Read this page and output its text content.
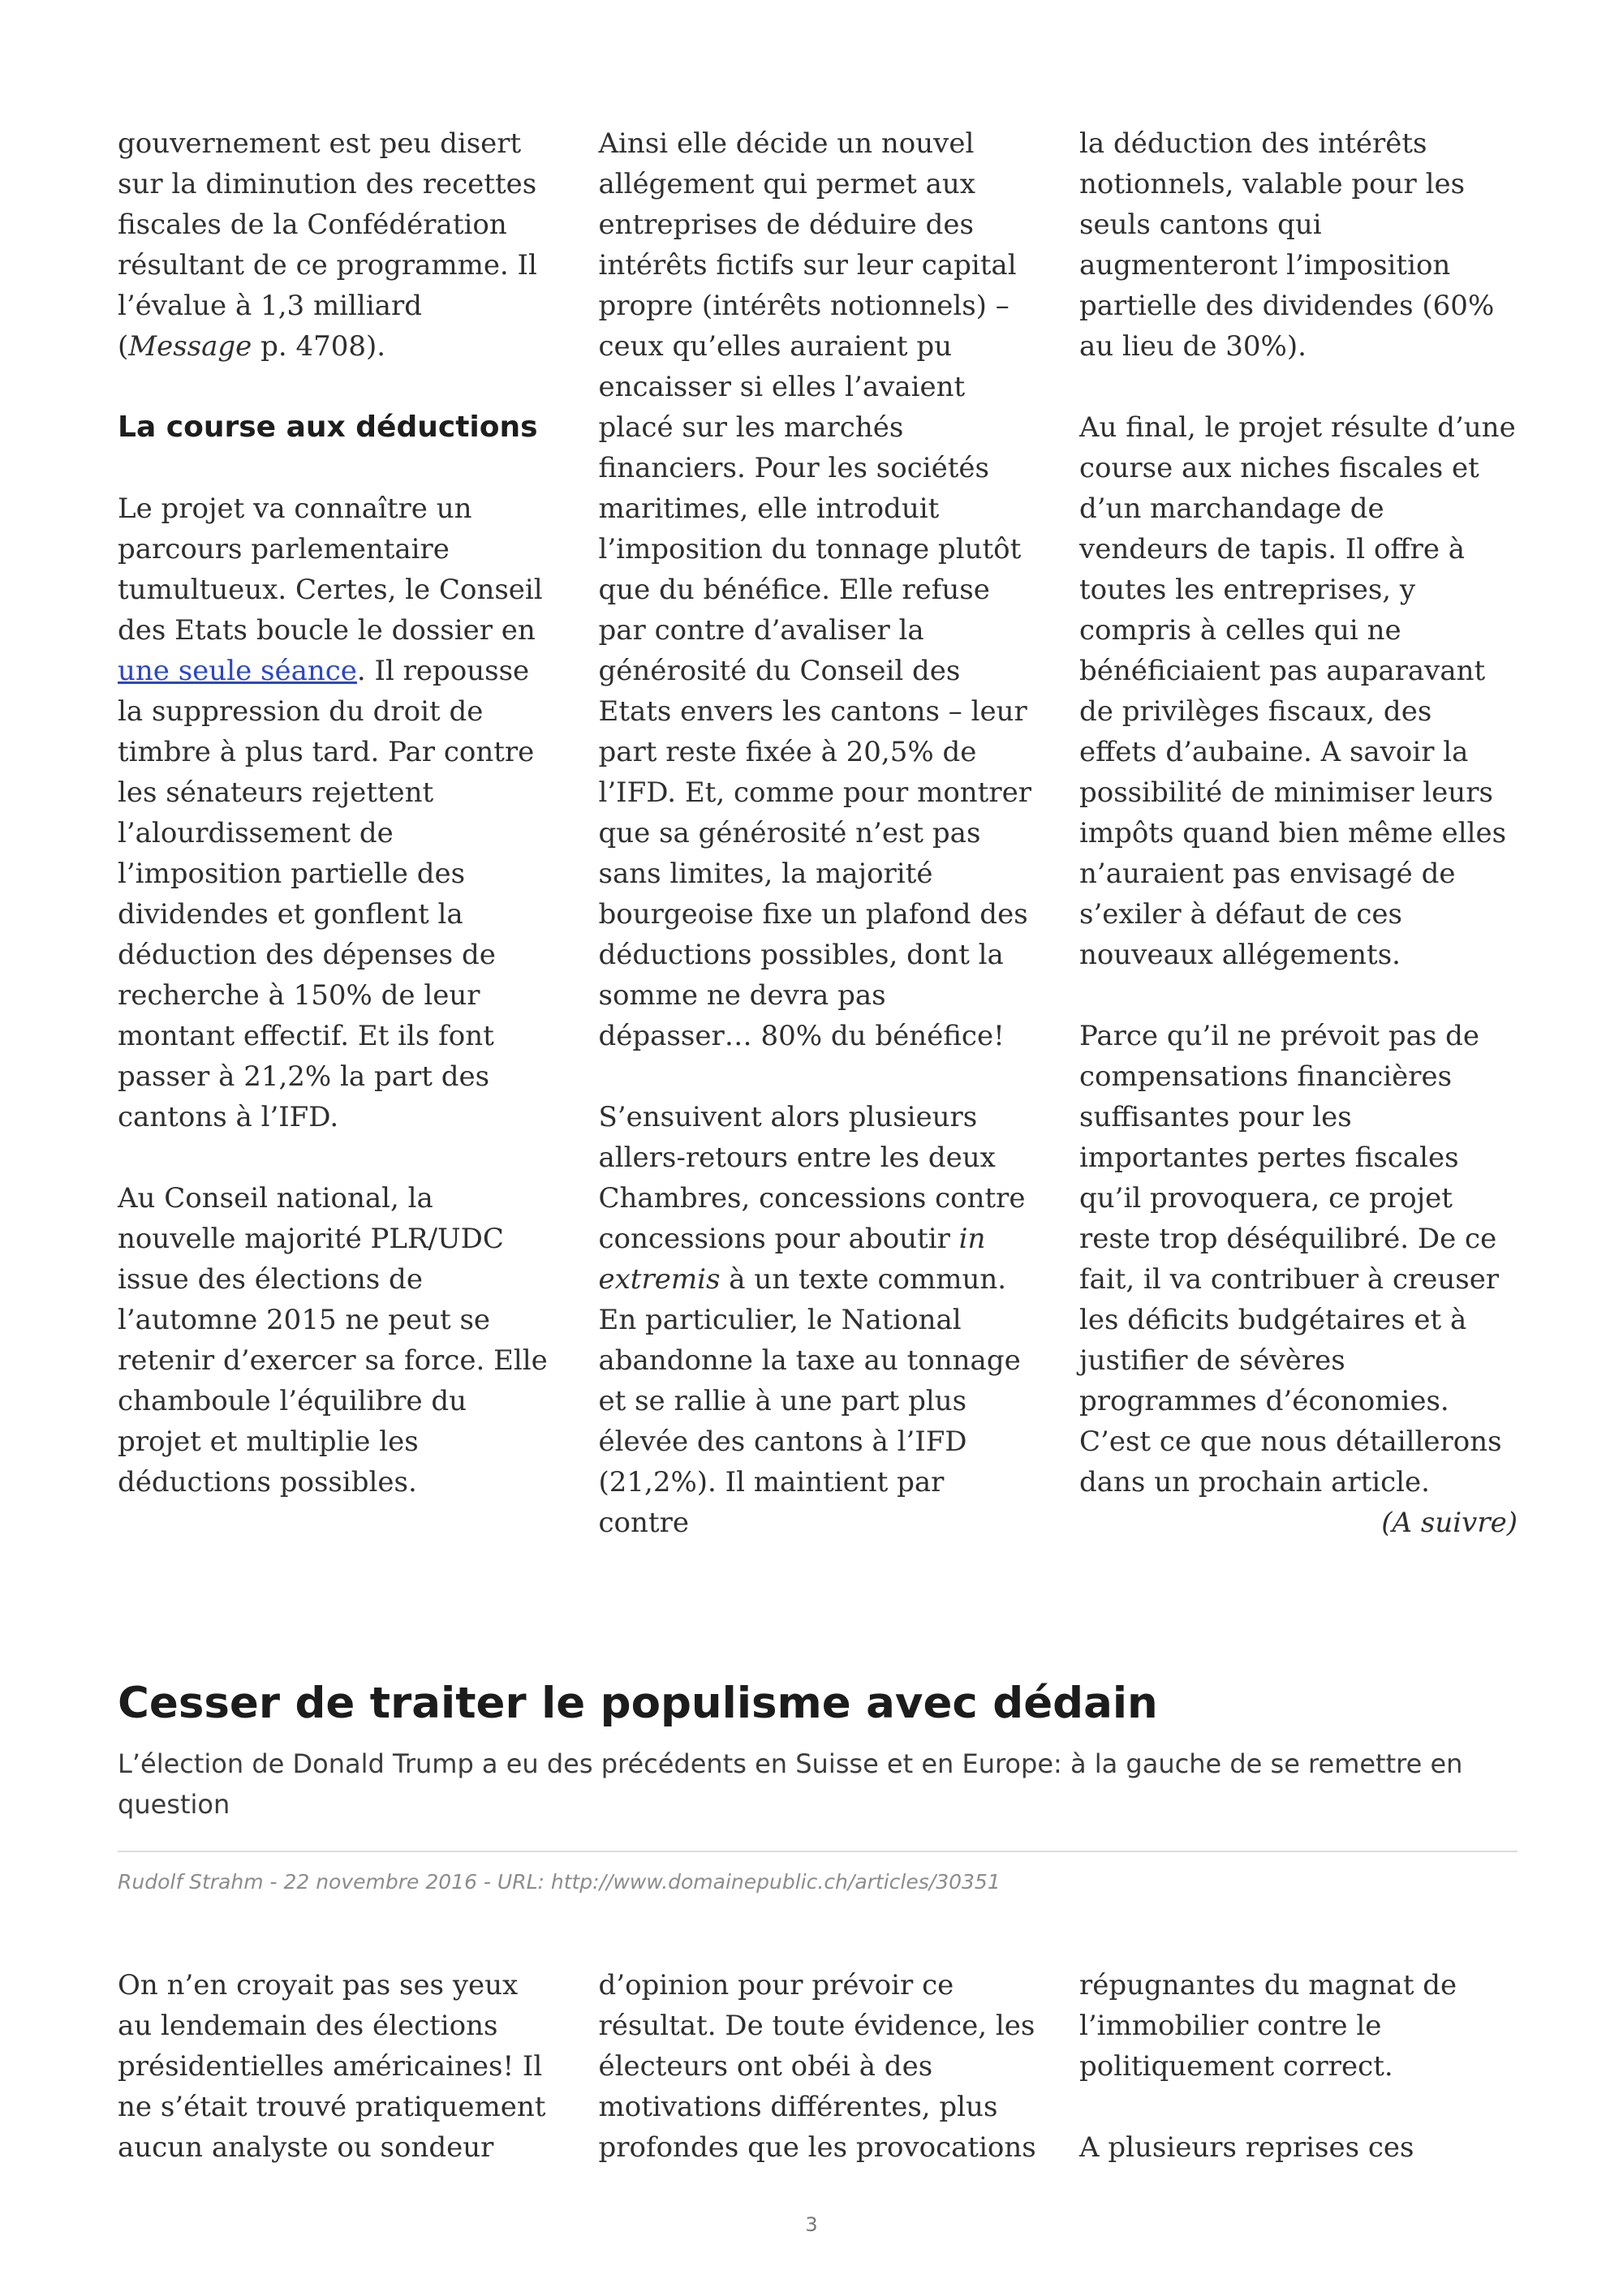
gouvernement est peu disert sur la diminution des recettes fiscales de la Confédération résultant de ce programme. Il l’évalue à 1,3 milliard (Message p. 4708).

La course aux déductions

Le projet va connaître un parcours parlementaire tumultueux. Certes, le Conseil des Etats boucle le dossier en une seule séance. Il repousse la suppression du droit de timbre à plus tard. Par contre les sénateurs rejettent l’alourdissement de l’imposition partielle des dividendes et gonflent la déduction des dépenses de recherche à 150% de leur montant effectif. Et ils font passer à 21,2% la part des cantons à l’IFD.

Au Conseil national, la nouvelle majorité PLR/UDC issue des élections de l’automne 2015 ne peut se retenir d’exercer sa force. Elle chamboule l’équilibre du projet et multiplie les déductions possibles.

Ainsi elle décide un nouvel allégement qui permet aux entreprises de déduire des intérêts fictifs sur leur capital propre (intérêts notionnels) – ceux qu’elles auraient pu encaisser si elles l’avaient placé sur les marchés financiers. Pour les sociétés maritimes, elle introduit l’imposition du tonnage plutôt que du bénéfice. Elle refuse par contre d’avaliser la générosité du Conseil des Etats envers les cantons – leur part reste fixée à 20,5% de l’IFD. Et, comme pour montrer que sa générosité n’est pas sans limites, la majorité bourgeoise fixe un plafond des déductions possibles, dont la somme ne devra pas dépasser… 80% du bénéfice!

S’ensuivent alors plusieurs allers-retours entre les deux Chambres, concessions contre concessions pour aboutir in extremis à un texte commun. En particulier, le National abandonne la taxe au tonnage et se rallie à une part plus élevée des cantons à l’IFD (21,2%). Il maintient par contre

la déduction des intérêts notionnels, valable pour les seuls cantons qui augmenteront l’imposition partielle des dividendes (60% au lieu de 30%).

Au final, le projet résulte d’une course aux niches fiscales et d’un marchandage de vendeurs de tapis. Il offre à toutes les entreprises, y compris à celles qui ne bénéficiaient pas auparavant de privilèges fiscaux, des effets d’aubaine. A savoir la possibilité de minimiser leurs impôts quand bien même elles n’auraient pas envisagé de s’exiler à défaut de ces nouveaux allégements.

Parce qu’il ne prévoit pas de compensations financières suffisantes pour les importantes pertes fiscales qu’il provoquera, ce projet reste trop déséquilibré. De ce fait, il va contribuer à creuser les déficits budgétaires et à justifier de sévères programmes d’économies. C’est ce que nous détaillerons dans un prochain article.

(A suivre)

Cesser de traiter le populisme avec dédain

L’élection de Donald Trump a eu des précédents en Suisse et en Europe: à la gauche de se remettre en question

Rudolf Strahm - 22 novembre 2016 - URL: http://www.domainepublic.ch/articles/30351

On n’en croyait pas ses yeux au lendemain des élections présidentielles américaines! Il ne s’était trouvé pratiquement aucun analyste ou sondeur

d’opinion pour prévoir ce résultat. De toute évidence, les électeurs ont obéi à des motivations différentes, plus profondes que les provocations

répugnantes du magnat de l’immobilier contre le politiquement correct.

A plusieurs reprises ces

3
